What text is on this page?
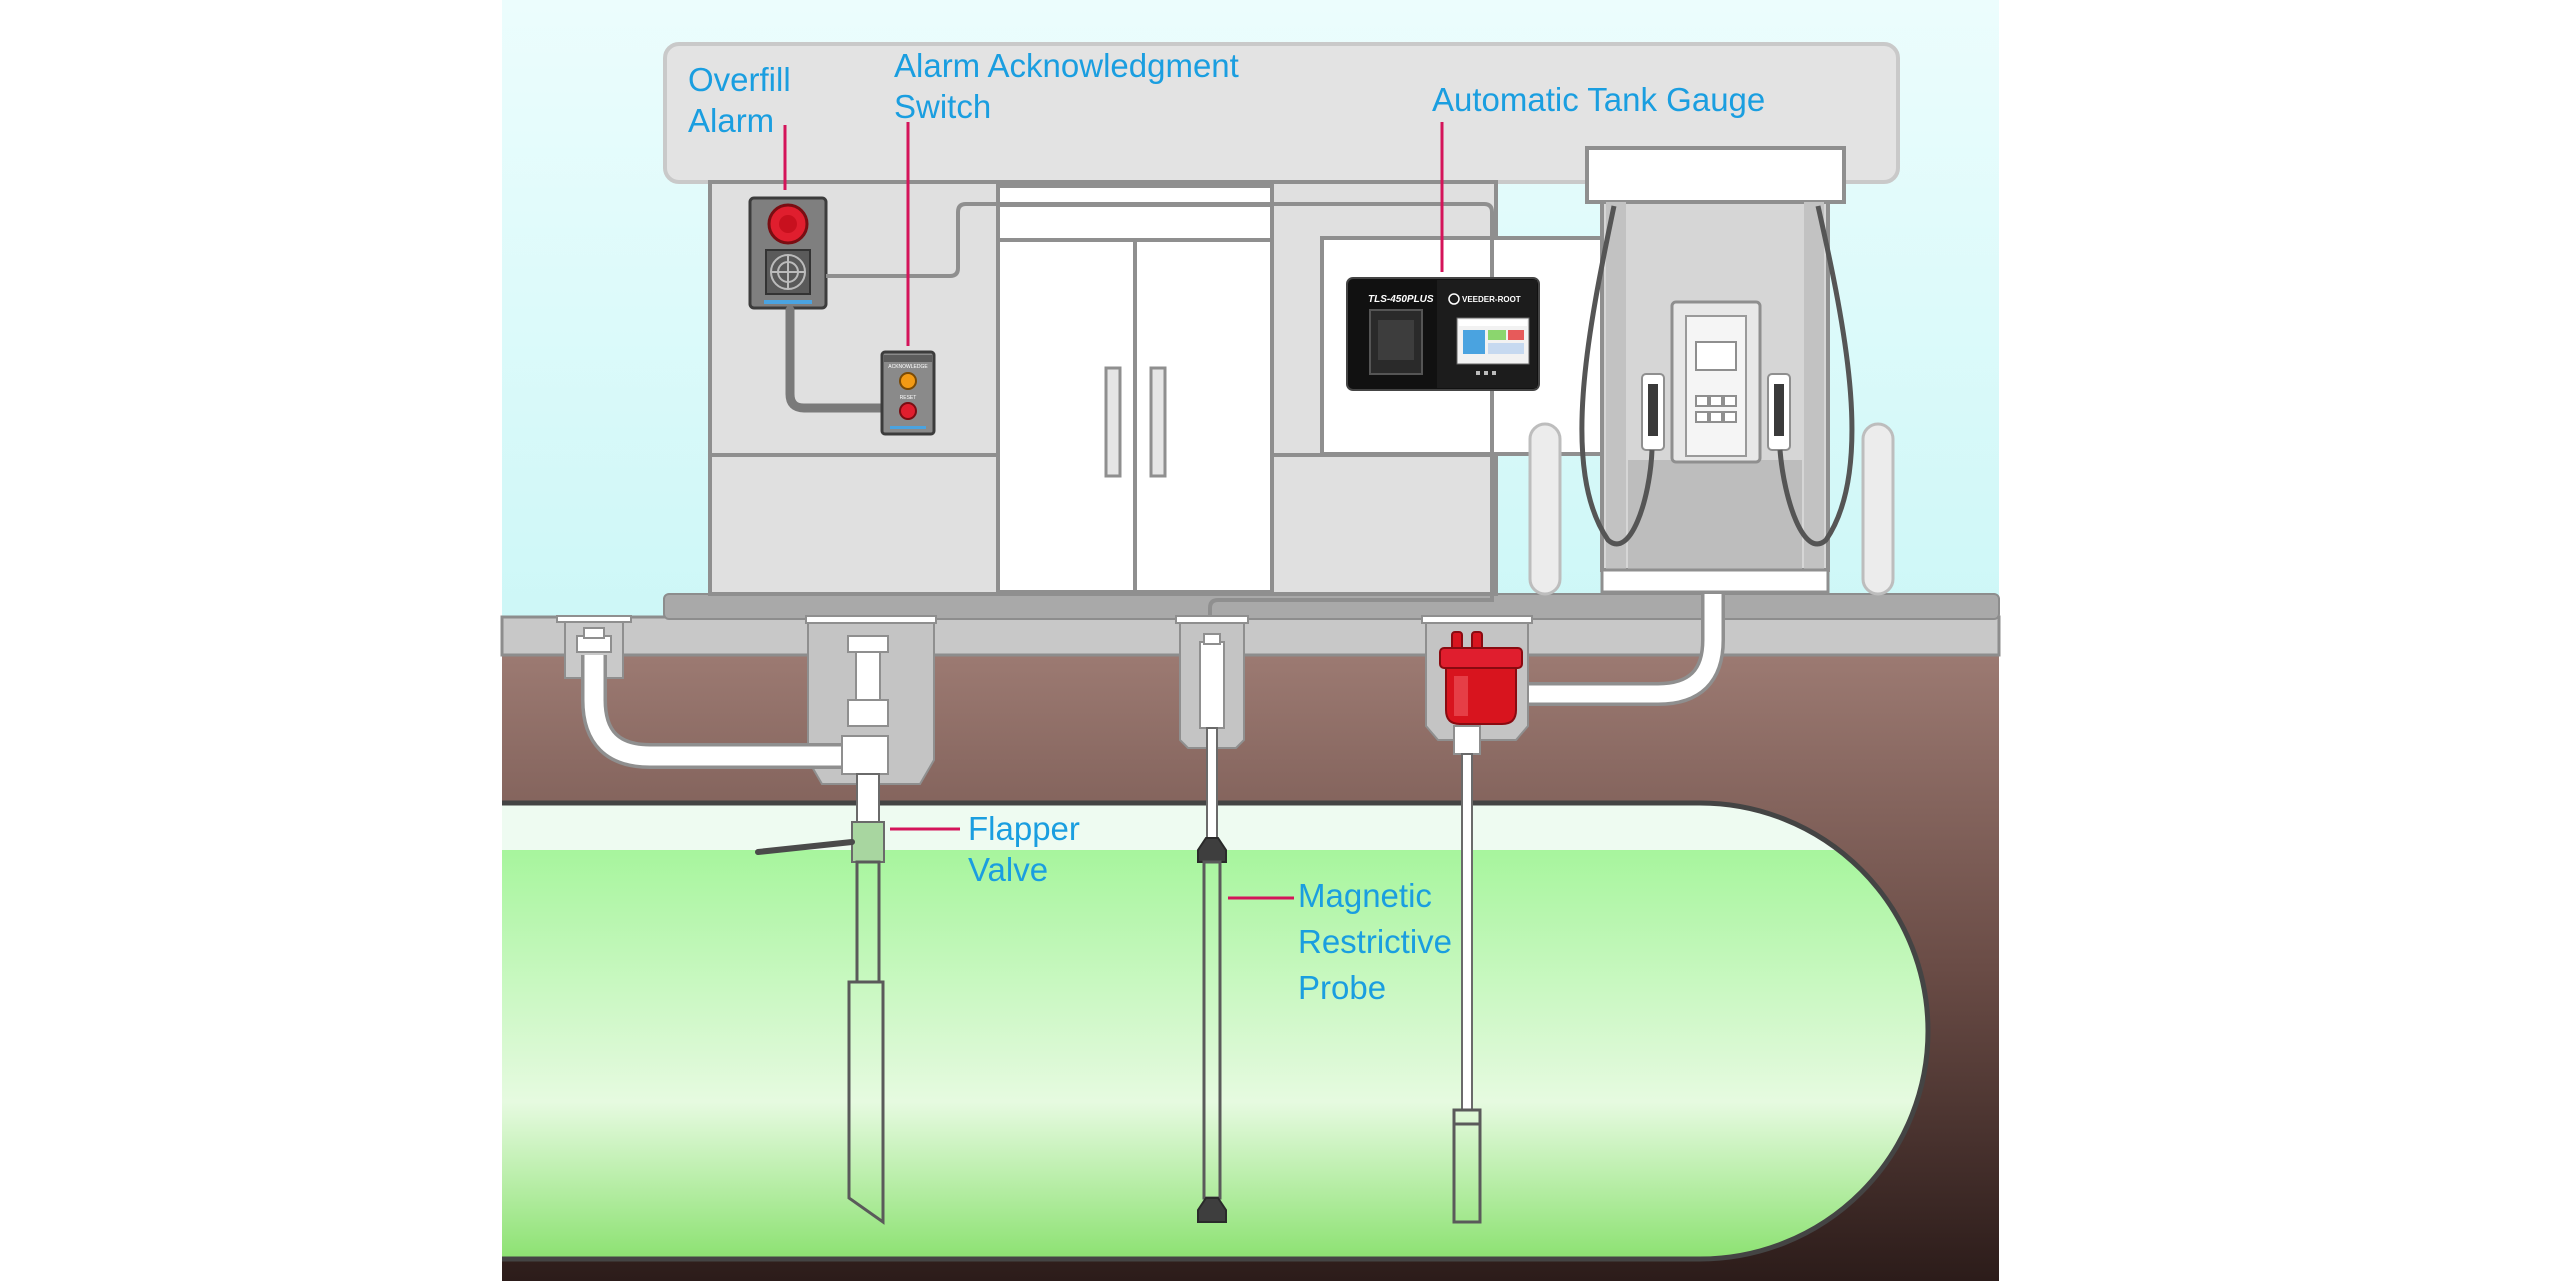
ACKNOWLEDGE
RESET
TLS-450PLUS	VEEDER-ROOT
Overfill
Alarm
Alarm Acknowledgment
Switch	Automatic Tank Gauge
Flapper
Valve
Magnetic
Restrictive
Probe
